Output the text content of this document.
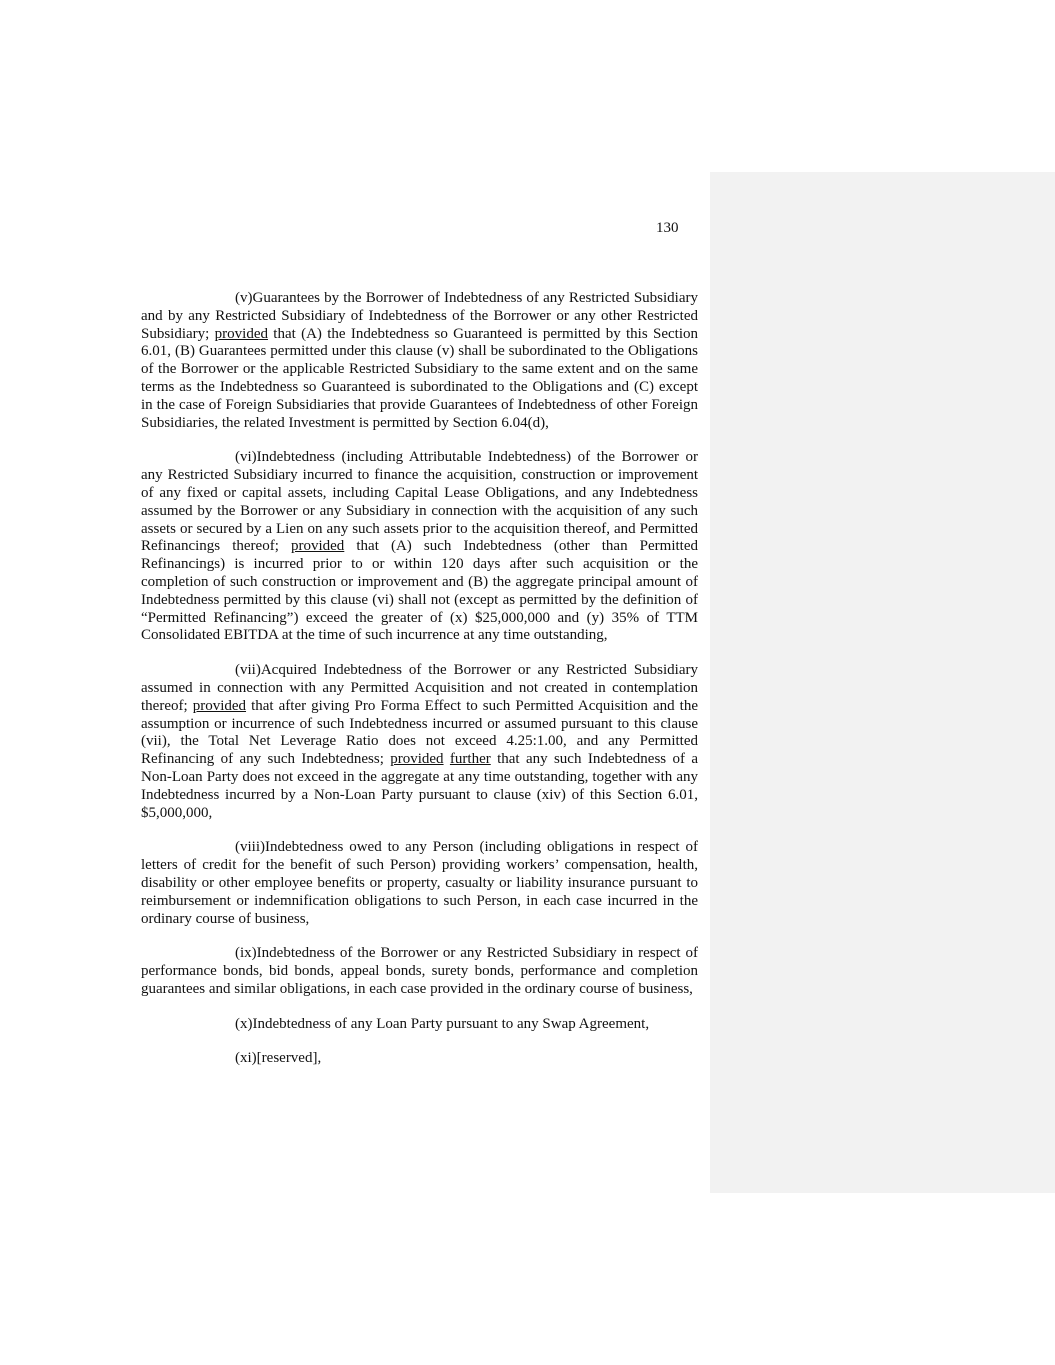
130

(v)Guarantees by the Borrower of Indebtedness of any Restricted Subsidiary and by any Restricted Subsidiary of Indebtedness of the Borrower or any other Restricted Subsidiary; provided that (A) the Indebtedness so Guaranteed is permitted by this Section 6.01, (B) Guarantees permitted under this clause (v) shall be subordinated to the Obligations of the Borrower or the applicable Restricted Subsidiary to the same extent and on the same terms as the Indebtedness so Guaranteed is subordinated to the Obligations and (C) except in the case of Foreign Subsidiaries that provide Guarantees of Indebtedness of other Foreign Subsidiaries, the related Investment is permitted by Section 6.04(d),

(vi)Indebtedness (including Attributable Indebtedness) of the Borrower or any Restricted Subsidiary incurred to finance the acquisition, construction or improvement of any fixed or capital assets, including Capital Lease Obligations, and any Indebtedness assumed by the Borrower or any Subsidiary in connection with the acquisition of any such assets or secured by a Lien on any such assets prior to the acquisition thereof, and Permitted Refinancings thereof; provided that (A) such Indebtedness (other than Permitted Refinancings) is incurred prior to or within 120 days after such acquisition or the completion of such construction or improvement and (B) the aggregate principal amount of Indebtedness permitted by this clause (vi) shall not (except as permitted by the definition of “Permitted Refinancing”) exceed the greater of (x) $25,000,000 and (y) 35% of TTM Consolidated EBITDA at the time of such incurrence at any time outstanding,

(vii)Acquired Indebtedness of the Borrower or any Restricted Subsidiary assumed in connection with any Permitted Acquisition and not created in contemplation thereof; provided that after giving Pro Forma Effect to such Permitted Acquisition and the assumption or incurrence of such Indebtedness incurred or assumed pursuant to this clause (vii), the Total Net Leverage Ratio does not exceed 4.25:1.00, and any Permitted Refinancing of any such Indebtedness; provided further that any such Indebtedness of a Non-Loan Party does not exceed in the aggregate at any time outstanding, together with any Indebtedness incurred by a Non-Loan Party pursuant to clause (xiv) of this Section 6.01, $5,000,000,

(viii)Indebtedness owed to any Person (including obligations in respect of letters of credit for the benefit of such Person) providing workers’ compensation, health, disability or other employee benefits or property, casualty or liability insurance pursuant to reimbursement or indemnification obligations to such Person, in each case incurred in the ordinary course of business,

(ix)Indebtedness of the Borrower or any Restricted Subsidiary in respect of performance bonds, bid bonds, appeal bonds, surety bonds, performance and completion guarantees and similar obligations, in each case provided in the ordinary course of business,

(x)Indebtedness of any Loan Party pursuant to any Swap Agreement,

(xi)[reserved],
